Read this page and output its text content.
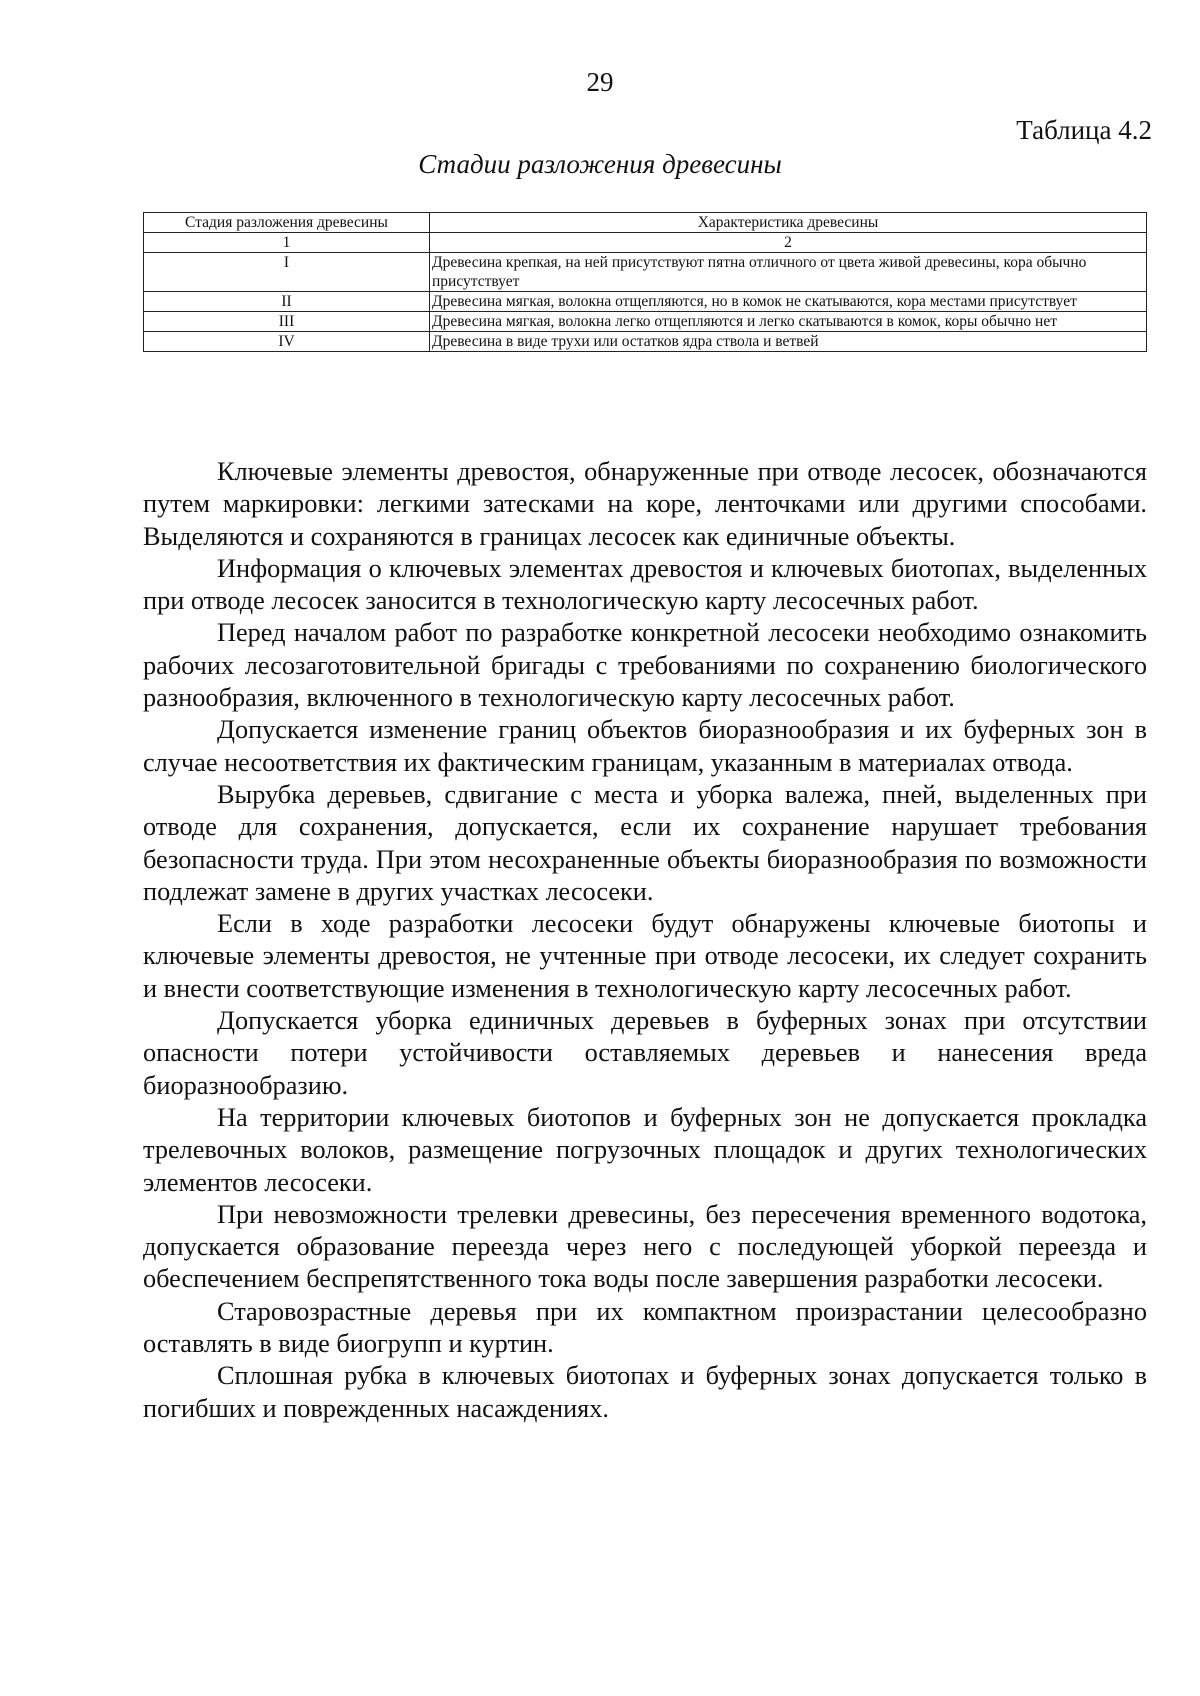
29
Таблица 4.2
Стадии разложения древесины
Стадия разложения древесины	Характеристика древесины
1	2
I	Древесина крепкая, на ней присутствуют пятна отличного от цвета живой древесины, кора обычно присутствует
II	Древесина мягкая, волокна отщепляются, но в комок не скатываются, кора местами присутствует
III	Древесина мягкая, волокна легко отщепляются и легко скатываются в комок, коры обычно нет
IV	Древесина в виде трухи или остатков ядра ствола и ветвей

Ключевые элементы древостоя, обнаруженные при отводе лесосек, обозначаются путем маркировки: легкими затесками на коре, ленточками или другими способами. Выделяются и сохраняются в границах лесосек как единичные объекты.

Информация о ключевых элементах древостоя и ключевых биотопах, выделенных при отводе лесосек заносится в технологическую карту лесосечных работ.

Перед началом работ по разработке конкретной лесосеки необходимо ознакомить рабочих лесозаготовительной бригады с требованиями по сохранению биологического разнообразия, включенного в технологическую карту лесосечных работ.

Допускается изменение границ объектов биоразнообразия и их буферных зон в случае несоответствия их фактическим границам, указанным в материалах отвода.

Вырубка деревьев, сдвигание с места и уборка валежа, пней, выделенных при отводе для сохранения, допускается, если их сохранение нарушает требования безопасности труда. При этом несохраненные объекты биоразнообразия по возможности подлежат замене в других участках лесосеки.

Если в ходе разработки лесосеки будут обнаружены ключевые биотопы и ключевые элементы древостоя, не учтенные при отводе лесосеки, их следует сохранить и внести соответствующие изменения в технологическую карту лесосечных работ.

Допускается уборка единичных деревьев в буферных зонах при отсутствии опасности потери устойчивости оставляемых деревьев и нанесения вреда биоразнообразию.

На территории ключевых биотопов и буферных зон не допускается прокладка трелевочных волоков, размещение погрузочных площадок и других технологических элементов лесосеки.

При невозможности трелевки древесины, без пересечения временного водотока, допускается образование переезда через него с последующей уборкой переезда и обеспечением беспрепятственного тока воды после завершения разработки лесосеки.

Старовозрастные деревья при их компактном произрастании целесообразно оставлять в виде биогрупп и куртин.

Сплошная рубка в ключевых биотопах и буферных зонах допускается только в погибших и поврежденных насаждениях.
